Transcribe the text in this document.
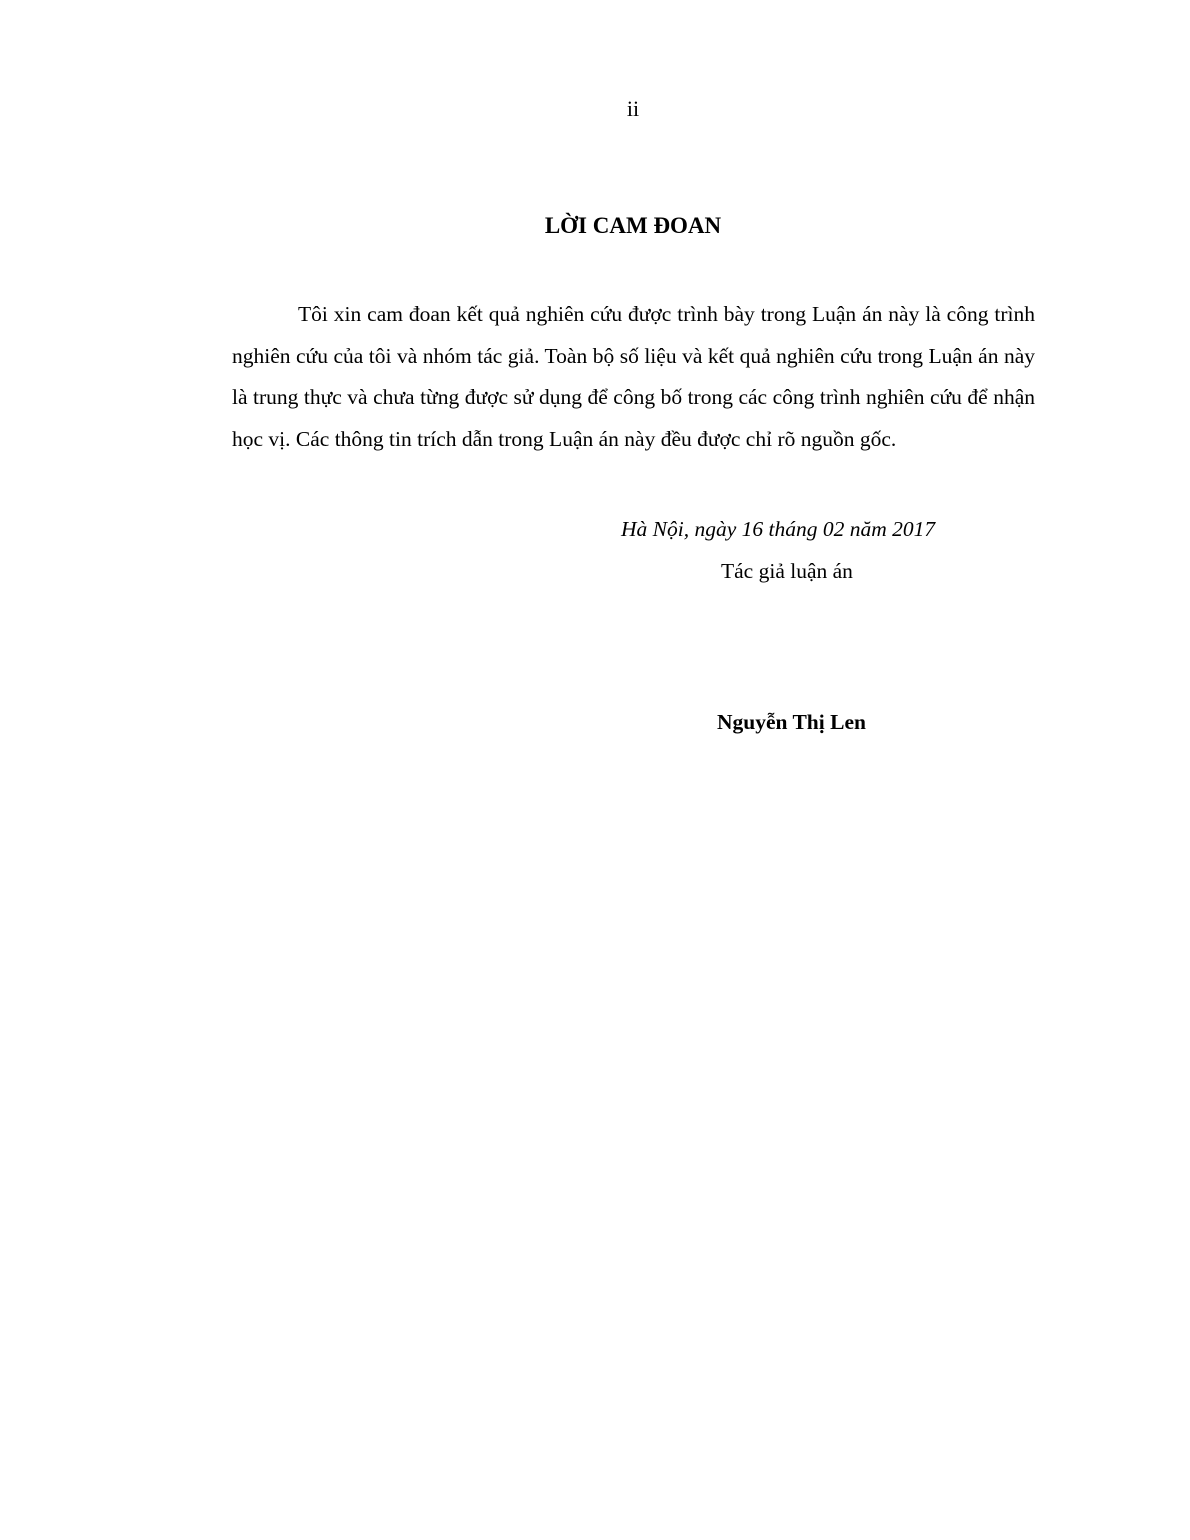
ii
LỜI CAM ĐOAN

Tôi xin cam đoan kết quả nghiên cứu được trình bày trong Luận án này là công trình nghiên cứu của tôi và nhóm tác giả. Toàn bộ số liệu và kết quả nghiên cứu trong Luận án này là trung thực và chưa từng được sử dụng để công bố trong các công trình nghiên cứu để nhận học vị. Các thông tin trích dẫn trong Luận án này đều được chỉ rõ nguồn gốc.

Hà Nội, ngày 16 tháng 02 năm 2017
Tác giả luận án
Nguyễn Thị Len
